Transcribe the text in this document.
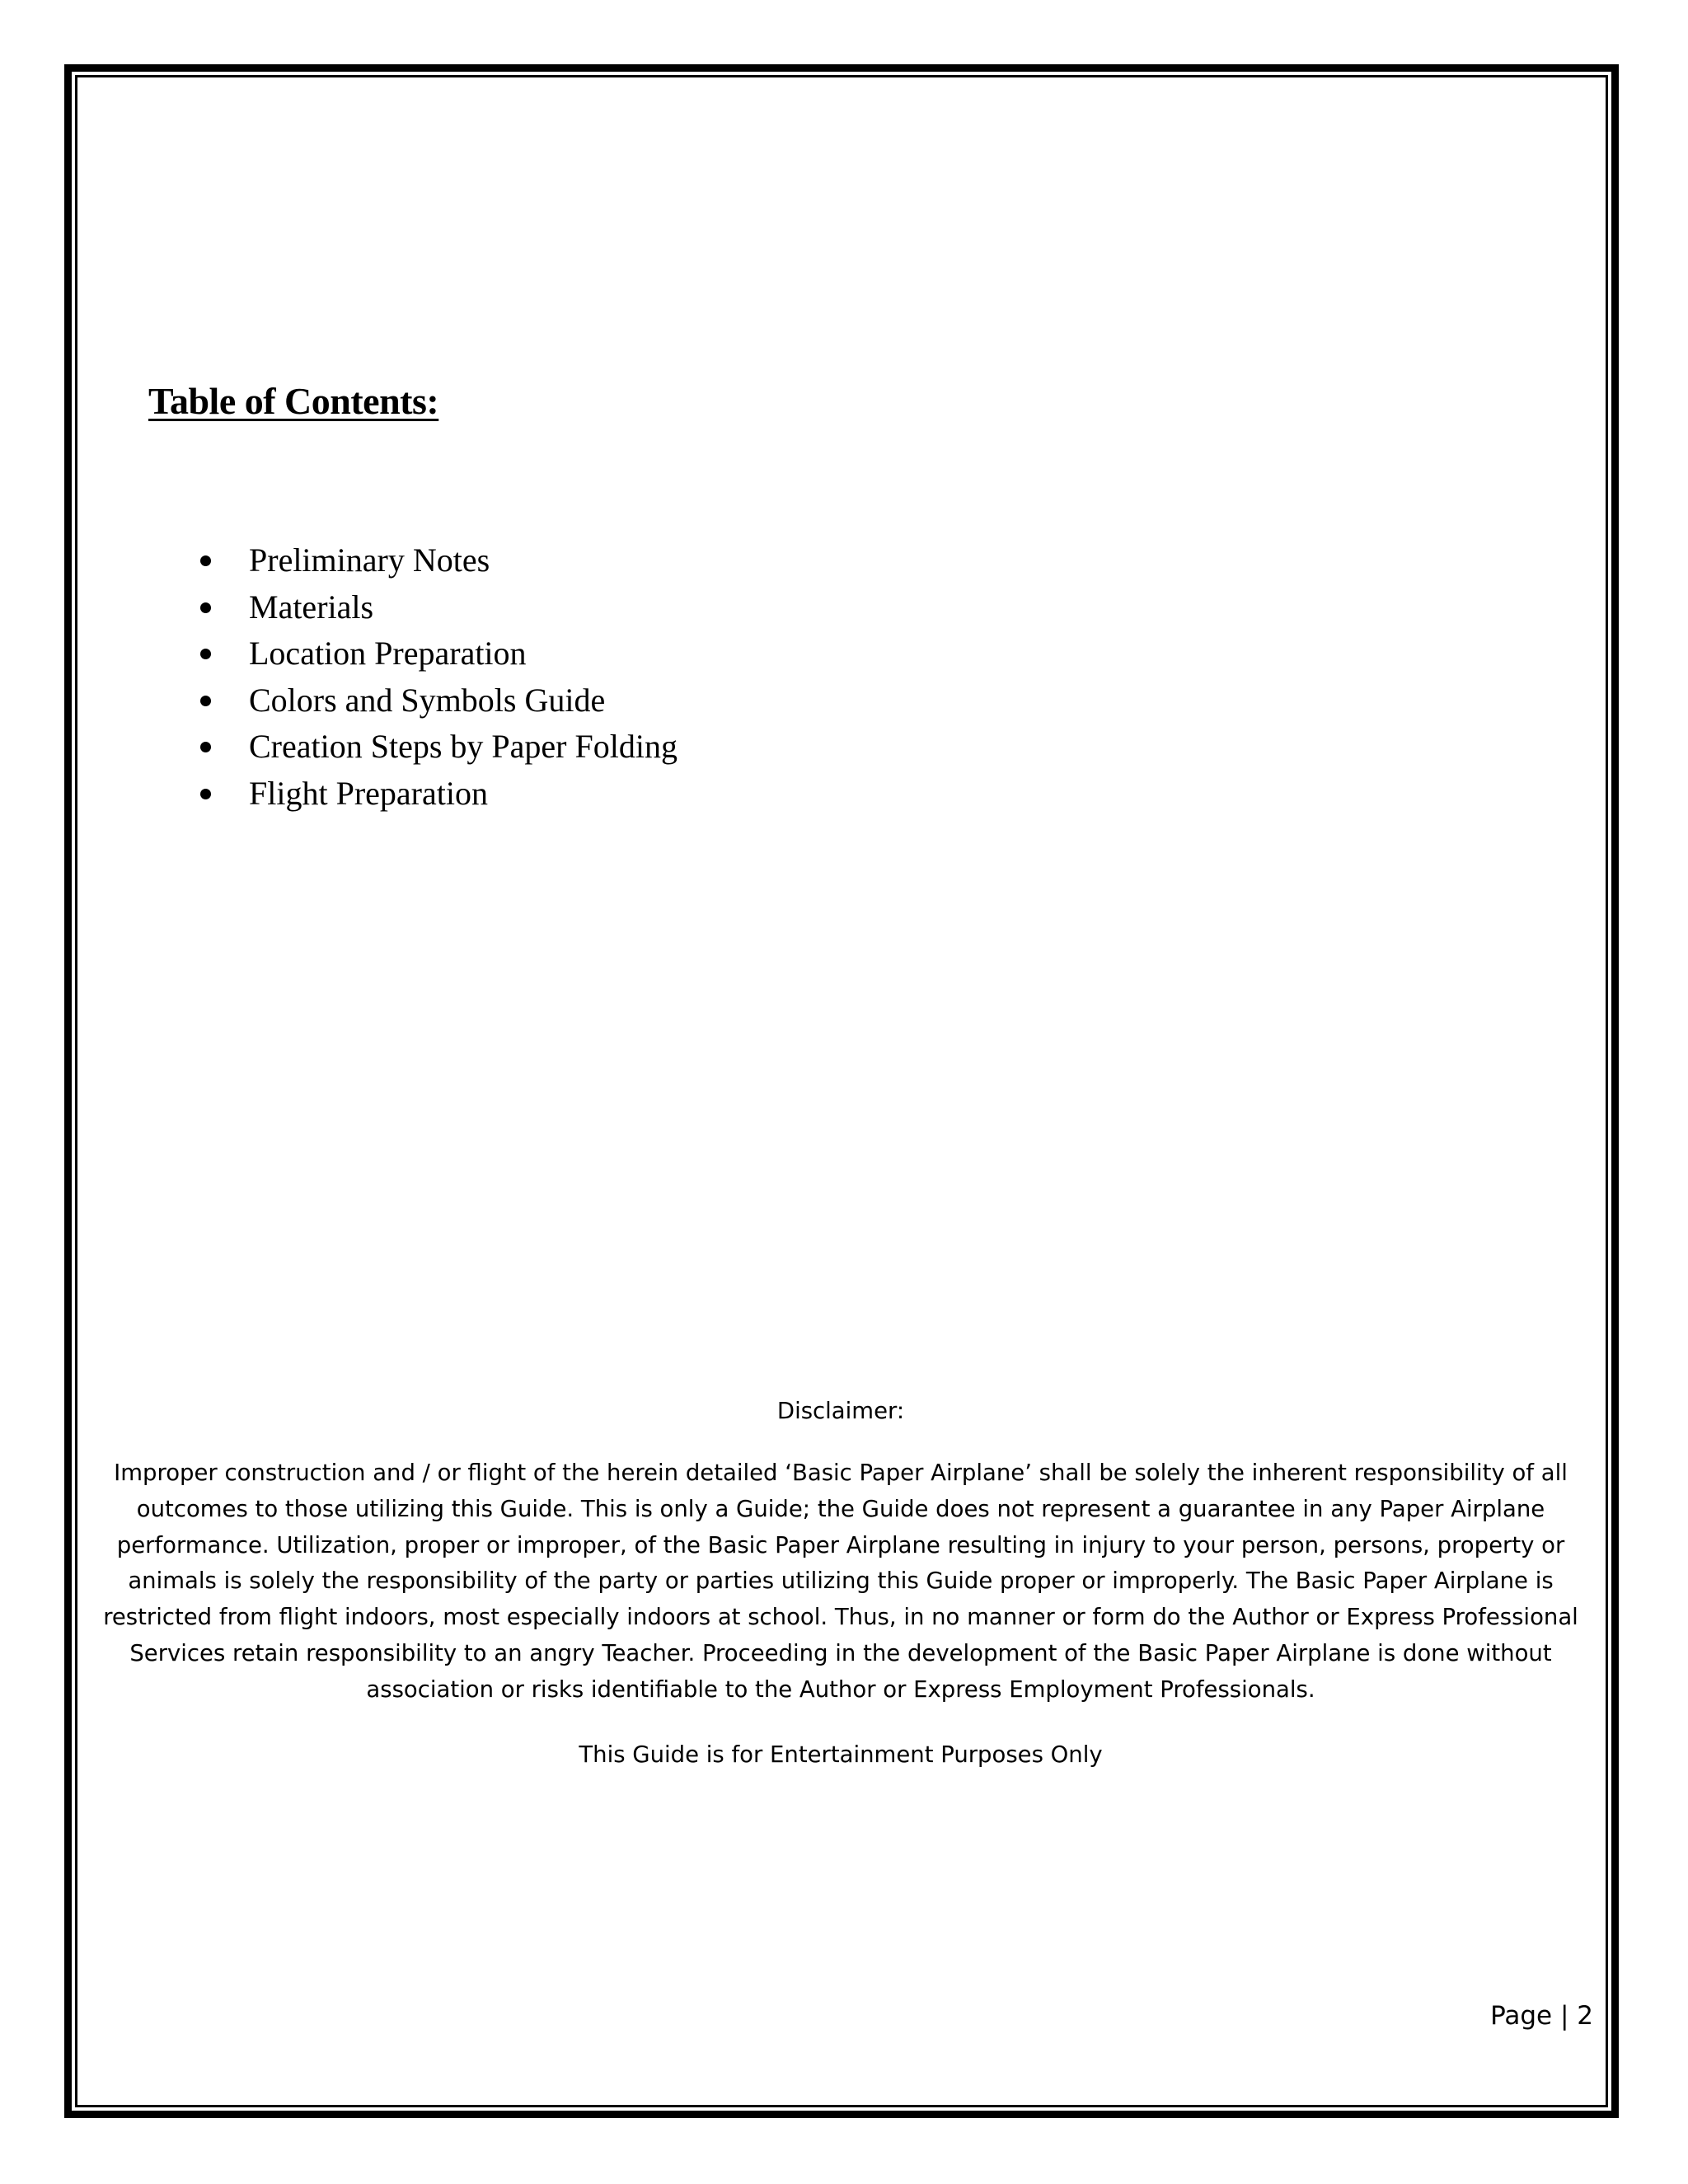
Table of Contents:
Preliminary Notes
Materials
Location Preparation
Colors and Symbols Guide
Creation Steps by Paper Folding
Flight Preparation

Disclaimer:

Improper construction and / or flight of the herein detailed ‘Basic Paper Airplane’ shall be solely the inherent responsibility of all outcomes to those utilizing this Guide. This is only a Guide; the Guide does not represent a guarantee in any Paper Airplane performance. Utilization, proper or improper, of the Basic Paper Airplane resulting in injury to your person, persons, property or animals is solely the responsibility of the party or parties utilizing this Guide proper or improperly. The Basic Paper Airplane is restricted from flight indoors, most especially indoors at school. Thus, in no manner or form do the Author or Express Professional Services retain responsibility to an angry Teacher. Proceeding in the development of the Basic Paper Airplane is done without association or risks identifiable to the Author or Express Employment Professionals.

This Guide is for Entertainment Purposes Only

Page | 2
